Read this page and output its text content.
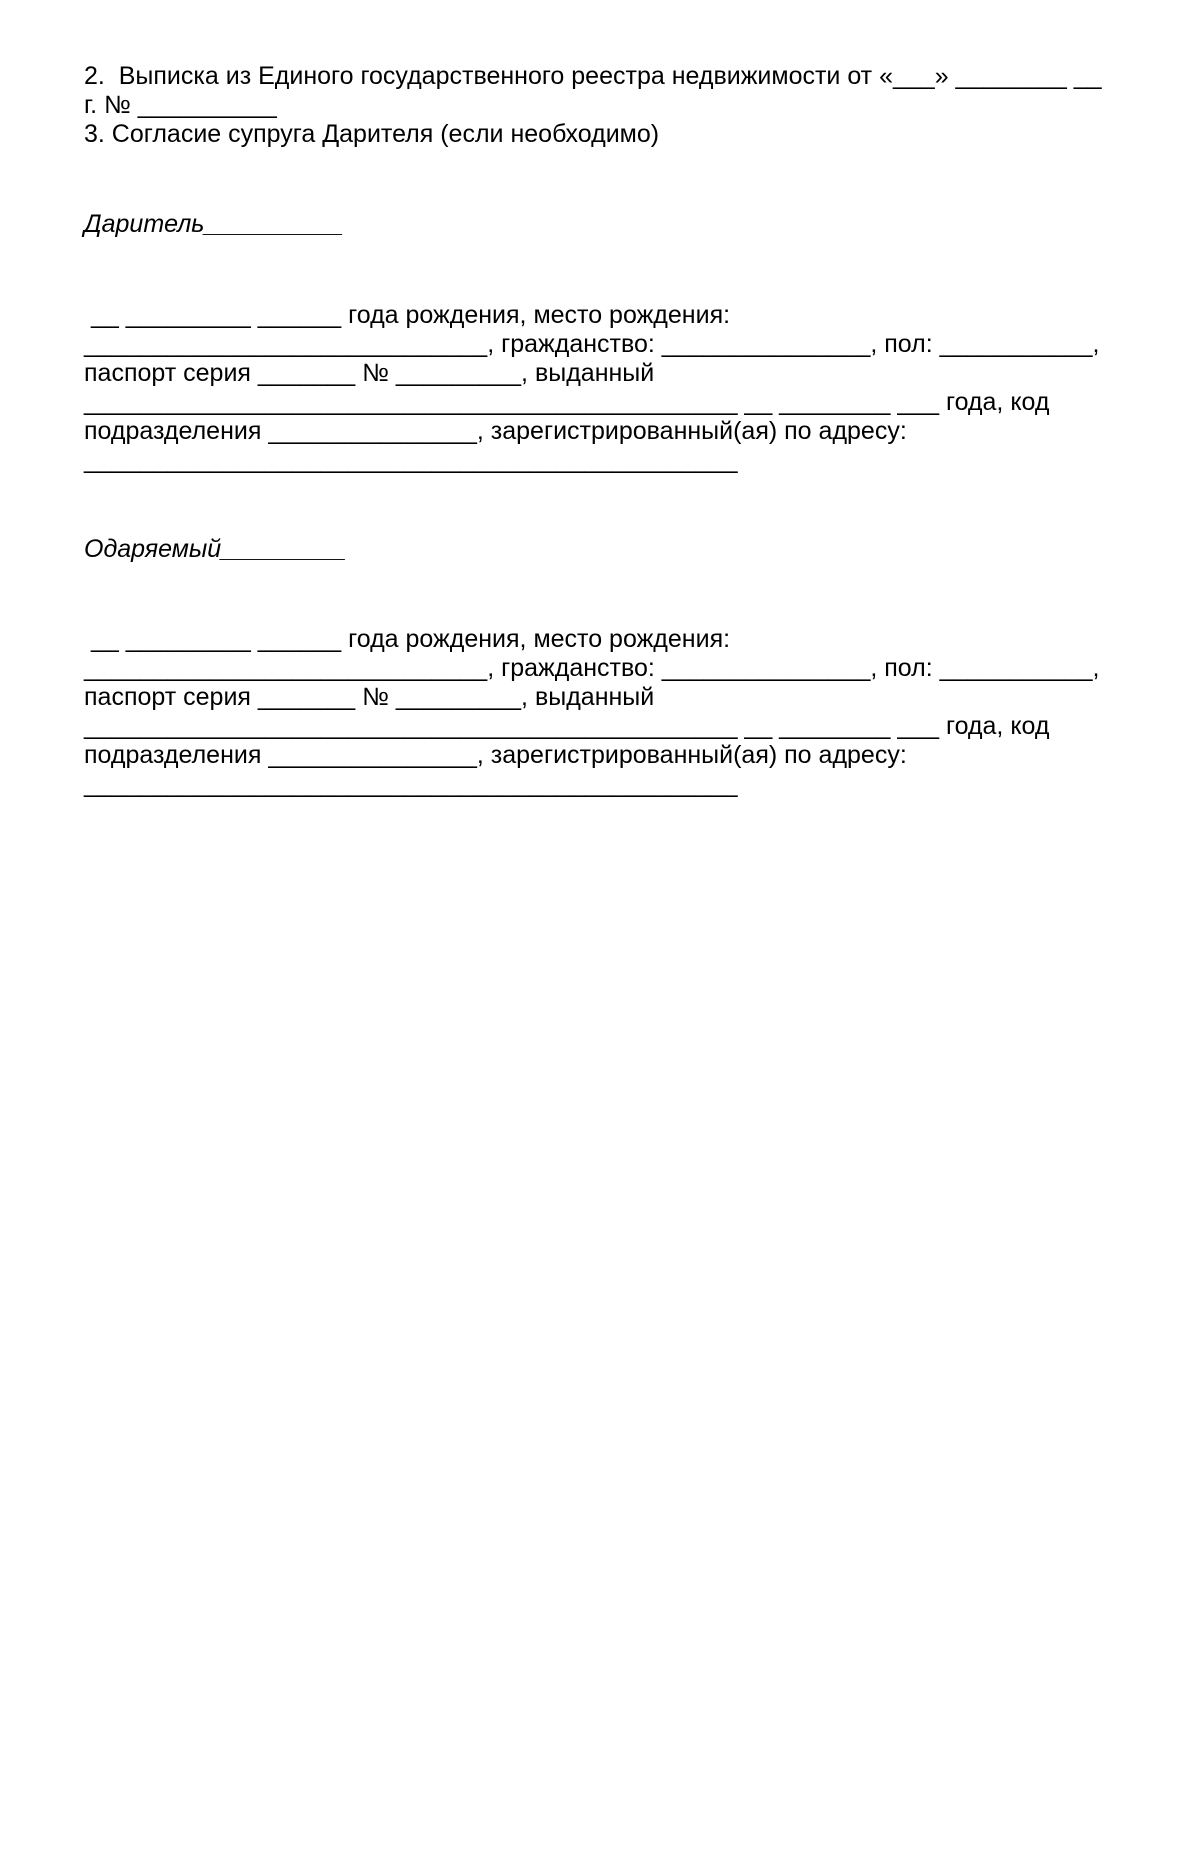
2.  Выписка из Единого государственного реестра недвижимости от «___» ________ __
г. № __________
3. Согласие супруга Дарителя (если необходимо)
Даритель__________
__ _________ ______ года рождения, место рождения:
_____________________________, гражданство: _______________, пол: ___________,
паспорт серия _______ № _________, выданный
_______________________________________________ __ ________ ___ года, код
подразделения _______________, зарегистрированный(ая) по адресу:
_______________________________________________
Одаряемый_________
__ _________ ______ года рождения, место рождения:
_____________________________, гражданство: _______________, пол: ___________,
паспорт серия _______ № _________, выданный
_______________________________________________ __ ________ ___ года, код
подразделения _______________, зарегистрированный(ая) по адресу:
_______________________________________________
